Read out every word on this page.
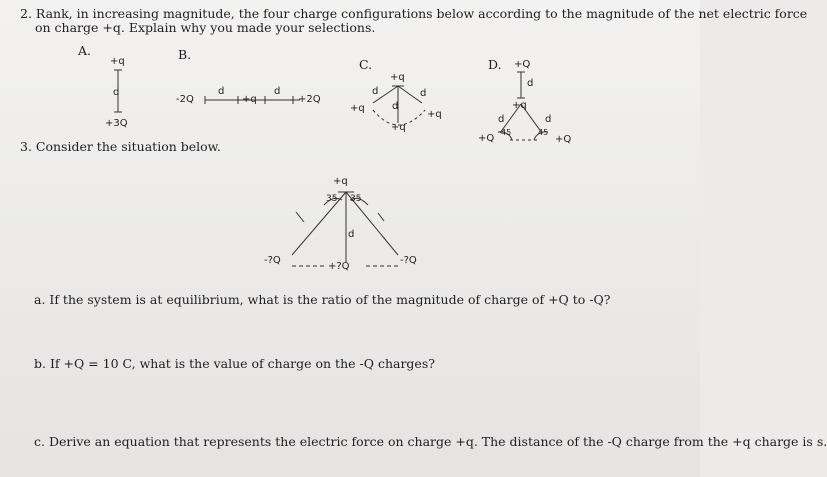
2. Rank, in increasing magnitude, the four charge configurations below according to the magnitude of the net electric force
on charge +q. Explain why you made your selections.
A.	B.
C.	D.
+q
d
+3Q
-2Q
d
+q
d
+2Q
+q
+q
d
d
d
+q
+q
+Q
d
+q
d	d
+Q
45	45
+Q
3. Consider the situation below.
+q
35 35
d
-?Q
+?Q
-?Q
a. If the system is at equilibrium, what is the ratio of the magnitude of charge of +Q to -Q?
b. If +Q = 10 C, what is the value of charge on the -Q charges?
c. Derive an equation that represents the electric force on charge +q. The distance of the -Q charge from the +q charge is s.
